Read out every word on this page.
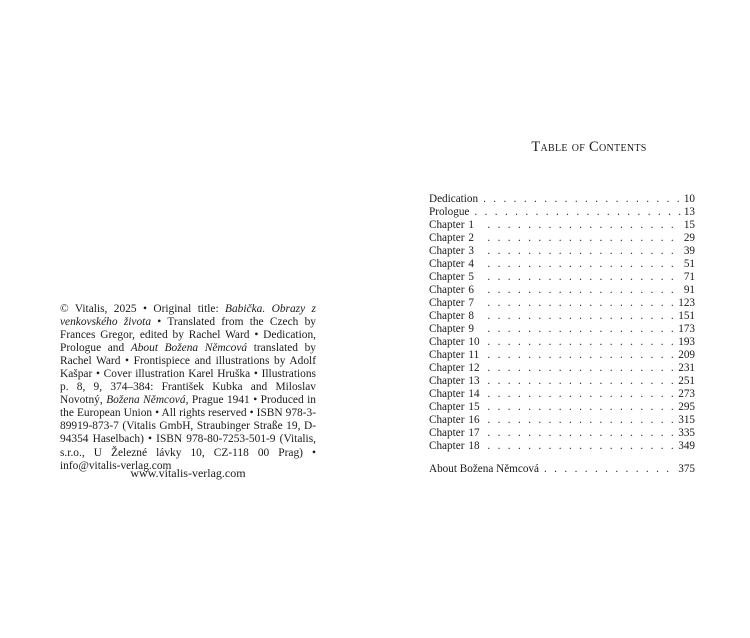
© Vitalis, 2025 • Original title: Babička. Obrazy z venkovského života • Translated from the Czech by Frances Gregor, edited by Rachel Ward • Dedication, Prologue and About Božena Němcová translated by Rachel Ward • Frontispiece and illustrations by Adolf Kašpar • Cover illustration Karel Hruška • Illustrations p. 8, 9, 374–384: František Kubka and Miloslav Novotný, Božena Němcová, Prague 1941 • Produced in the European Union • All rights reserved • ISBN 978-3-89919-873-7 (Vitalis GmbH, Straubinger Straße 19, D-94354 Haselbach) • ISBN 978-80-7253-501-9 (Vitalis, s.r.o., U Železné lávky 10, CZ-118 00 Prag) • info@vitalis-verlag.com

www.vitalis-verlag.com
Table of Contents
Dedication . . .	10
Prologue . . .	13
Chapter 1 . . .	15
Chapter 2 . . .	29
Chapter 3 . . .	39
Chapter 4 . . .	51
Chapter 5 . . .	71
Chapter 6 . . .	91
Chapter 7 . . .	123
Chapter 8 . . .	151
Chapter 9 . . .	173
Chapter 10 . . .	193
Chapter 11 . . .	209
Chapter 12 . . .	231
Chapter 13 . . .	251
Chapter 14 . . .	273
Chapter 15 . . .	295
Chapter 16 . . .	315
Chapter 17 . . .	335
Chapter 18 . . .	349
About Božena Němcová . . .	375
